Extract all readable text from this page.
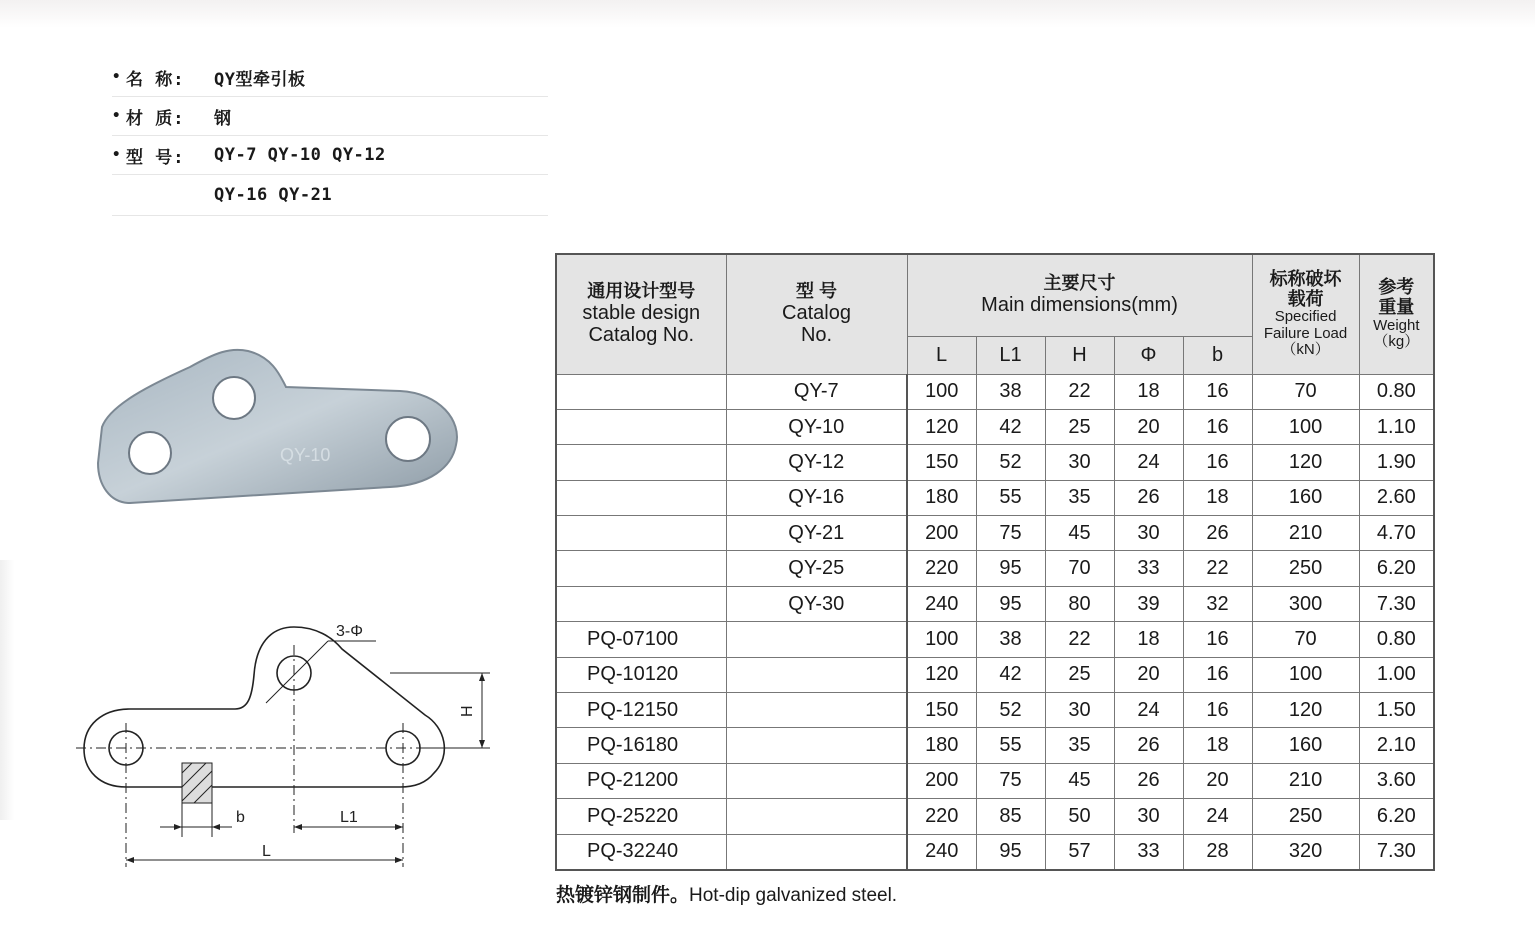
• 名 称:	QY型牵引板
• 材 质:	钢
• 型 号:	QY-7 QY-10 QY-12
QY-16 QY-21
QY-10
3-Φ
H
b	L1
L
通用设计型号
stable design
Catalog No.	型 号
Catalog
No.	主要尺寸
Main dimensions(mm)					标称破坏
载荷
Specified
Failure Load
（kN）	参考
重量
Weight
（kg）

		L	L1	H	Φ	b		
	QY-7	100	38	22	18	16	70	0.80
	QY-10	120	42	25	20	16	100	1.10
	QY-12	150	52	30	24	16	120	1.90
	QY-16	180	55	35	26	18	160	2.60
	QY-21	200	75	45	30	26	210	4.70
	QY-25	220	95	70	33	22	250	6.20
	QY-30	240	95	80	39	32	300	7.30
PQ-07100		100	38	22	18	16	70	0.80
PQ-10120		120	42	25	20	16	100	1.00
PQ-12150		150	52	30	24	16	120	1.50
PQ-16180		180	55	35	26	18	160	2.10
PQ-21200		200	75	45	26	20	210	3.60
PQ-25220		220	85	50	30	24	250	6.20
PQ-32240		240	95	57	33	28	320	7.30
热镀锌钢制件。Hot-dip galvanized steel.
